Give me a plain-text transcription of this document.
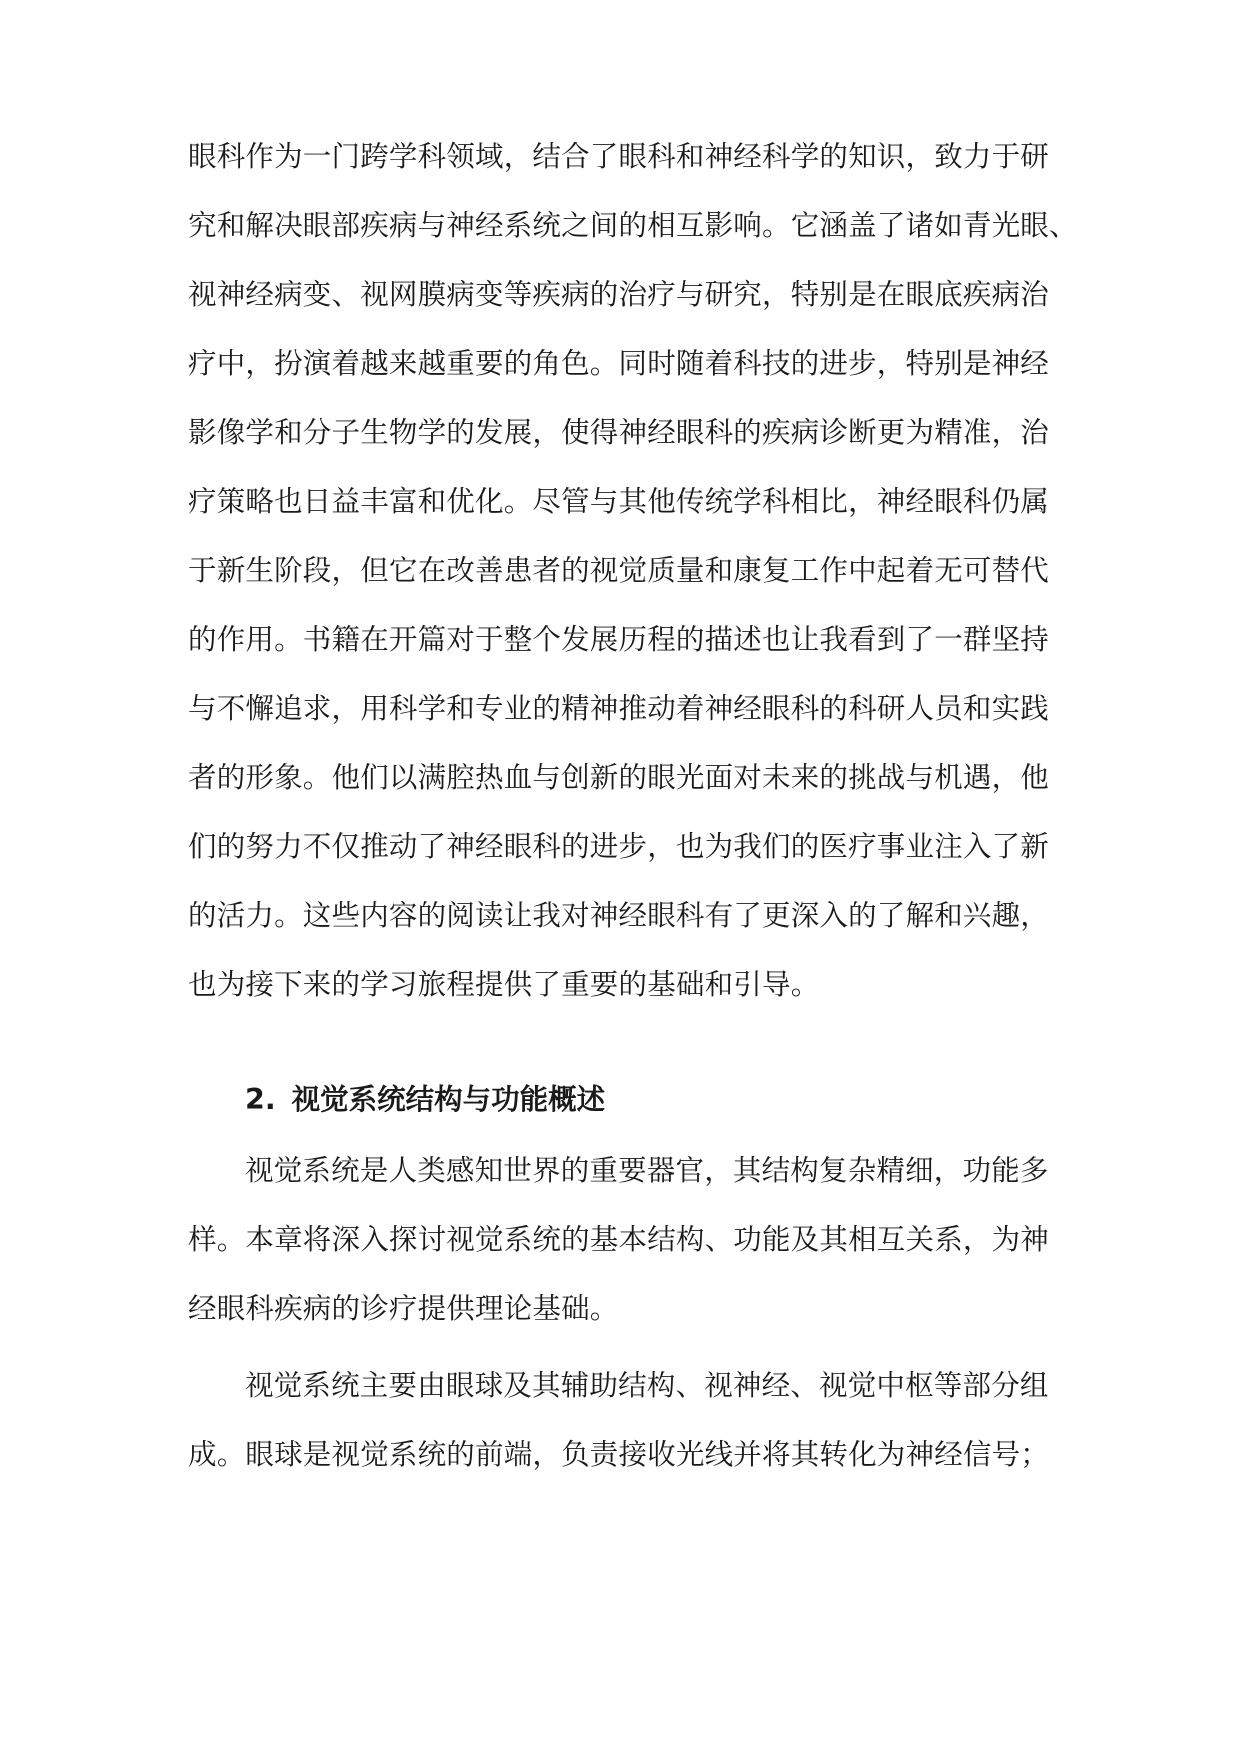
眼科作为一门跨学科领域，结合了眼科和神经科学的知识，致力于研
究和解决眼部疾病与神经系统之间的相互影响。它涵盖了诸如青光眼、
视神经病变、视网膜病变等疾病的治疗与研究，特别是在眼底疾病治
疗中，扮演着越来越重要的角色。同时随着科技的进步，特别是神经
影像学和分子生物学的发展，使得神经眼科的疾病诊断更为精准，治
疗策略也日益丰富和优化。尽管与其他传统学科相比，神经眼科仍属
于新生阶段，但它在改善患者的视觉质量和康复工作中起着无可替代
的作用。书籍在开篇对于整个发展历程的描述也让我看到了一群坚持
与不懈追求，用科学和专业的精神推动着神经眼科的科研人员和实践
者的形象。他们以满腔热血与创新的眼光面对未来的挑战与机遇，他
们的努力不仅推动了神经眼科的进步，也为我们的医疗事业注入了新
的活力。这些内容的阅读让我对神经眼科有了更深入的了解和兴趣，
也为接下来的学习旅程提供了重要的基础和引导。
2. 视觉系统结构与功能概述
视觉系统是人类感知世界的重要器官，其结构复杂精细，功能多
样。本章将深入探讨视觉系统的基本结构、功能及其相互关系，为神
经眼科疾病的诊疗提供理论基础。
视觉系统主要由眼球及其辅助结构、视神经、视觉中枢等部分组
成。眼球是视觉系统的前端，负责接收光线并将其转化为神经信号；
